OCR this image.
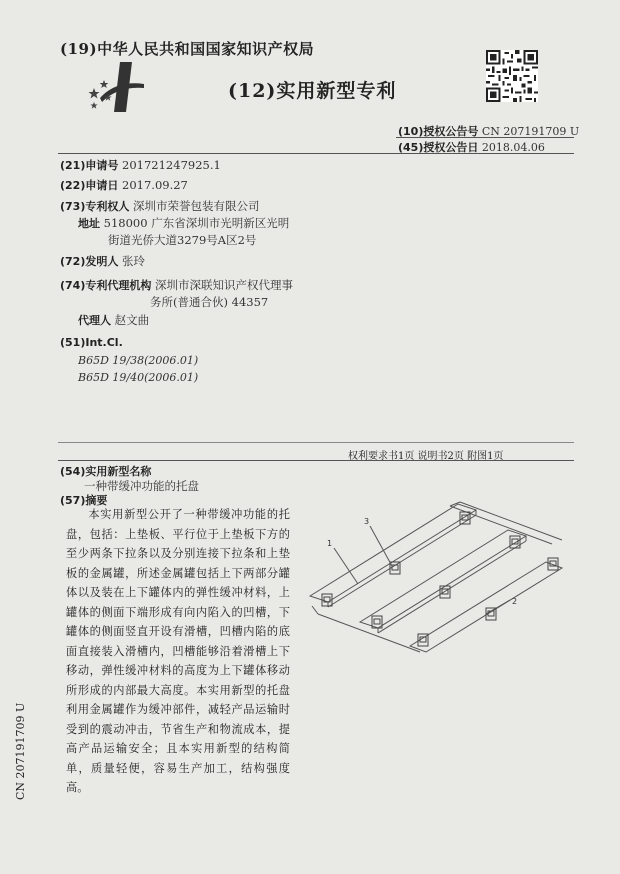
(19)中华人民共和国国家知识产权局
(12)实用新型专利
(10)授权公告号 CN 207191709 U
(45)授权公告日 2018.04.06
(21)申请号 201721247925.1
(22)申请日 2017.09.27
(73)专利权人 深圳市荣誉包装有限公司
地址 518000 广东省深圳市光明新区光明
街道光侨大道3279号A区2号
(72)发明人 张玲
(74)专利代理机构 深圳市深联知识产权代理事
务所(普通合伙) 44357
代理人 赵文曲
(51)Int.Cl.
B65D 19/38(2006.01)
B65D 19/40(2006.01)
权利要求书1页 说明书2页 附图1页
(54)实用新型名称
一种带缓冲功能的托盘
(57)摘要

本实用新型公开了一种带缓冲功能的托盘，包括：上垫板、平行位于上垫板下方的至少两条下拉条以及分别连接下拉条和上垫板的金属罐，所述金属罐包括上下两部分罐体以及装在上下罐体内的弹性缓冲材料，上罐体的侧面下端形成有向内陷入的凹槽，下罐体的侧面竖直开设有滑槽，凹槽内陷的底面直接装入滑槽内，凹槽能够沿着滑槽上下移动，弹性缓冲材料的高度为上下罐体移动所形成的内部最大高度。本实用新型的托盘利用金属罐作为缓冲部件，减轻产品运输时受到的震动冲击，节省生产和物流成本，提高产品运输安全；且本实用新型的结构简单，质量轻便，容易生产加工，结构强度高。

1
3
2
CN 207191709 U
